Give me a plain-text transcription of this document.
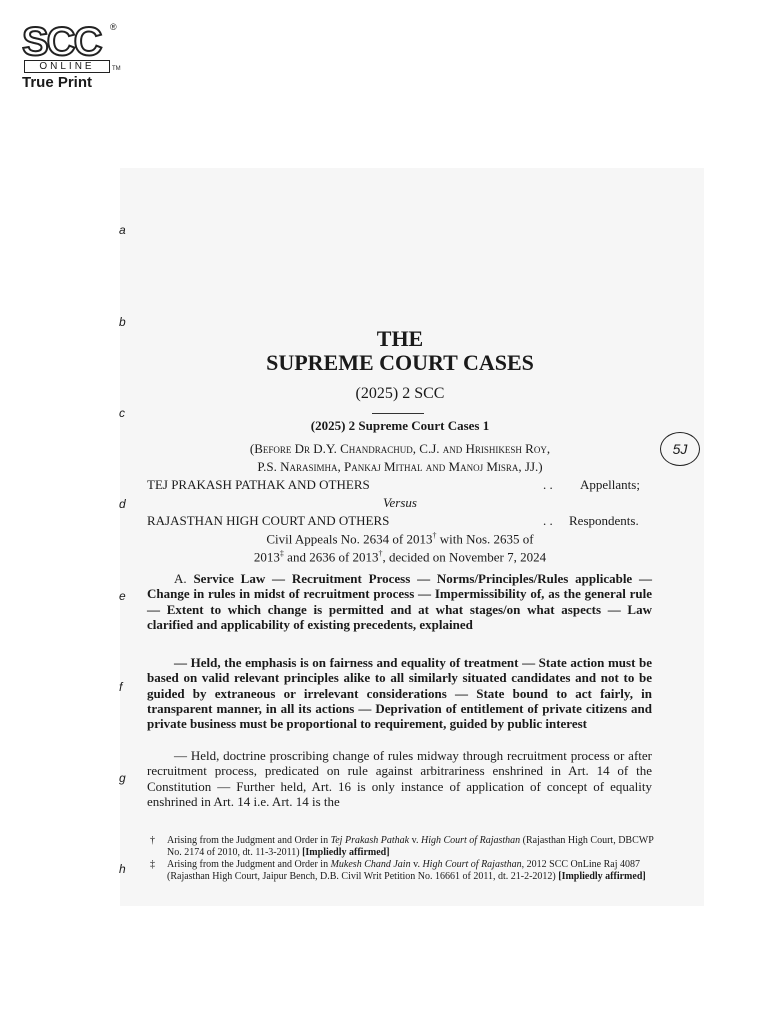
SCC ®
ONLINE	TM
True Print
a
b
c
d
e
f
g
h
THE
SUPREME COURT CASES
(2025) 2 SCC
(2025) 2 Supreme Court Cases 1
(Before Dr D.Y. Chandrachud, C.J. and Hrishikesh Roy,
P.S. Narasimha, Pankaj Mithal and Manoj Misra, JJ.)
5J
TEJ PRAKASH PATHAK AND OTHERS	. . Appellants;
Versus
RAJASTHAN HIGH COURT AND OTHERS	. . Respondents.
Civil Appeals No. 2634 of 2013† with Nos. 2635 of
2013‡ and 2636 of 2013†, decided on November 7, 2024

A. Service Law — Recruitment Process — Norms/Principles/Rules applicable — Change in rules in midst of recruitment process — Impermissibility of, as the general rule — Extent to which change is permitted and at what stages/on what aspects — Law clarified and applicability of existing precedents, explained

— Held, the emphasis is on fairness and equality of treatment — State action must be based on valid relevant principles alike to all similarly situated candidates and not to be guided by extraneous or irrelevant considerations — State bound to act fairly, in transparent manner, in all its actions — Deprivation of entitlement of private citizens and private business must be proportional to requirement, guided by public interest

— Held, doctrine proscribing change of rules midway through recruitment process or after recruitment process, predicated on rule against arbitrariness enshrined in Art. 14 of the Constitution — Further held, Art. 16 is only instance of application of concept of equality enshrined in Art. 14 i.e. Art. 14 is the

†	Arising from the Judgment and Order in Tej Prakash Pathak v. High Court of Rajasthan (Rajasthan High Court, DBCWP No. 2174 of 2010, dt. 11-3-2011) [Impliedly affirmed]

‡	Arising from the Judgment and Order in Mukesh Chand Jain v. High Court of Rajasthan, 2012 SCC OnLine Raj 4087 (Rajasthan High Court, Jaipur Bench, D.B. Civil Writ Petition No. 16661 of 2011, dt. 21-2-2012) [Impliedly affirmed]
